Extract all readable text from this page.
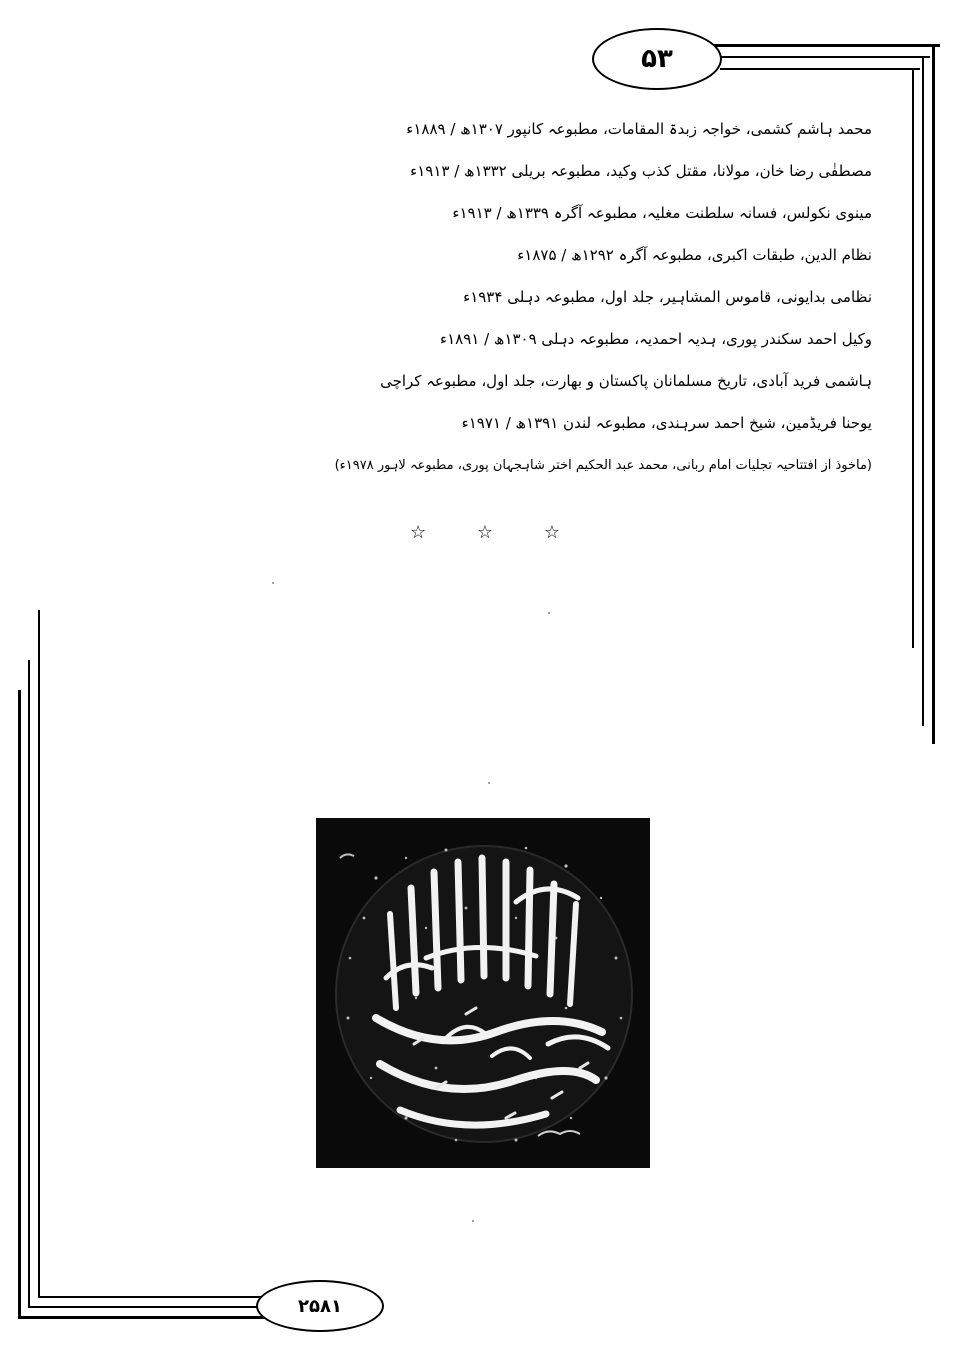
۵۳
محمد ہاشم کشمی، خواجہ زبدۃ المقامات، مطبوعہ کانپور ۱۳۰۷ھ / ۱۸۸۹ء
مصطفٰی رضا خان، مولانا، مقتل کذب وکید، مطبوعہ بریلی ۱۳۳۲ھ / ۱۹۱۳ء
مینوی نکولس، فسانہ سلطنت مغلیہ، مطبوعہ آگرہ ۱۳۳۹ھ / ۱۹۱۳ء
نظام الدین، طبقات اکبری، مطبوعہ آگرہ ۱۲۹۲ھ / ۱۸۷۵ء
نظامی بدایونی، قاموس المشاہیر، جلد اول، مطبوعہ دہلی ۱۹۳۴ء
وکیل احمد سکندر پوری، ہدیہ احمدیہ، مطبوعہ دہلی ۱۳۰۹ھ / ۱۸۹۱ء
ہاشمی فرید آبادی، تاریخ مسلمانان پاکستان و بھارت، جلد اول، مطبوعہ کراچی
یوحنا فریڈمین، شیخ احمد سرہندی، مطبوعہ لندن ۱۳۹۱ھ / ۱۹۷۱ء
(ماخوذ از افتتاحیہ تجلیات امام ربانی، محمد عبد الحکیم اختر شاہجہان پوری، مطبوعہ لاہور ۱۹۷۸ء)
☆	☆	☆
۲۵۸۱
